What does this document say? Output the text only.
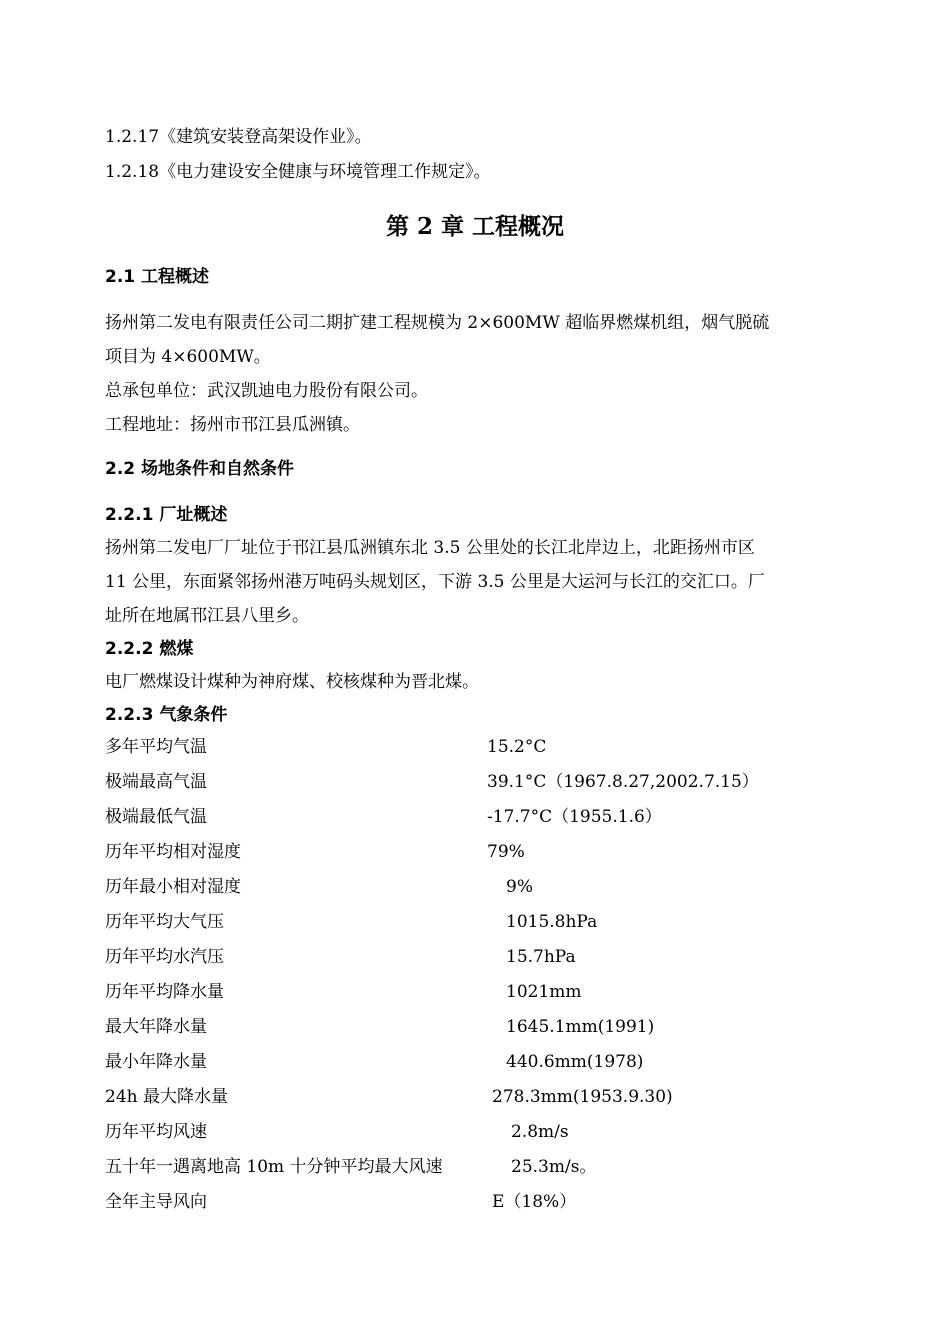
1.2.17《建筑安装登高架设作业》。
1.2.18《电力建设安全健康与环境管理工作规定》。
第 2 章 工程概况
2.1 工程概述
扬州第二发电有限责任公司二期扩建工程规模为 2×600MW 超临界燃煤机组，烟气脱硫
项目为 4×600MW。
总承包单位：武汉凯迪电力股份有限公司。
工程地址：扬州市邗江县瓜洲镇。
2.2 场地条件和自然条件
2.2.1 厂址概述
扬州第二发电厂厂址位于邗江县瓜洲镇东北 3.5 公里处的长江北岸边上，北距扬州市区
11 公里，东面紧邻扬州港万吨码头规划区，下游 3.5 公里是大运河与长江的交汇口。厂
址所在地属邗江县八里乡。
2.2.2 燃煤
电厂燃煤设计煤种为神府煤、校核煤种为晋北煤。
2.2.3 气象条件
多年平均气温	15.2°C
极端最高气温	39.1°C（1967.8.27,2002.7.15）
极端最低气温	-17.7°C（1955.1.6）
历年平均相对湿度	79%
历年最小相对湿度	9%
历年平均大气压	1015.8hPa
历年平均水汽压	15.7hPa
历年平均降水量	1021mm
最大年降水量	1645.1mm(1991)
最小年降水量	440.6mm(1978)
24h 最大降水量	278.3mm(1953.9.30)
历年平均风速	2.8m/s
五十年一遇离地高 10m 十分钟平均最大风速	25.3m/s。
全年主导风向	E（18%）
